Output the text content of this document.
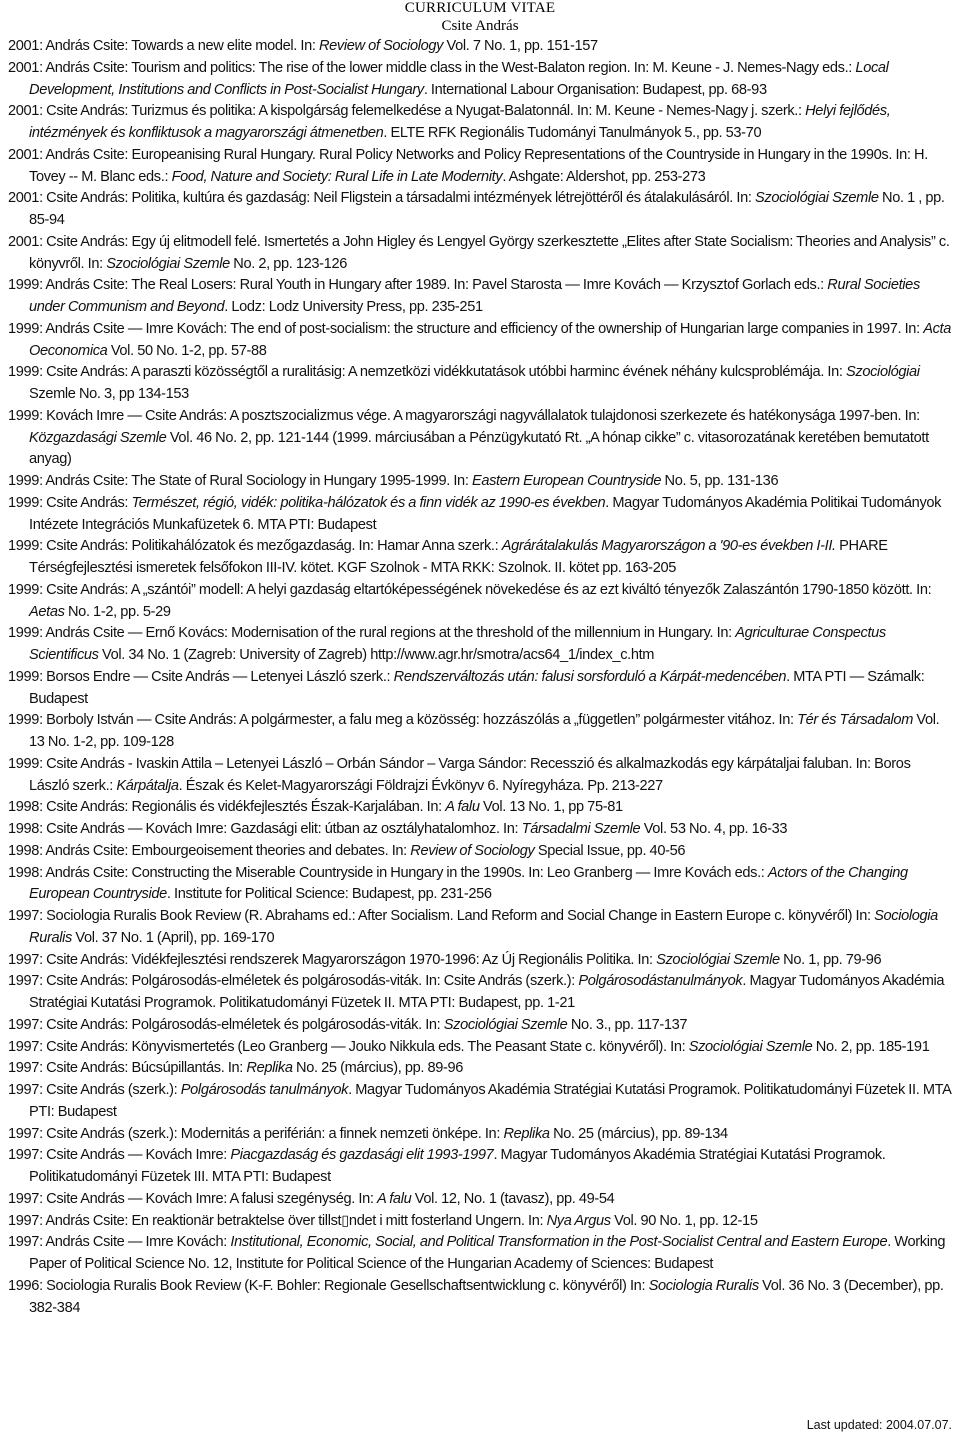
CURRICULUM VITAE
Csite András

2001: András Csite: Towards a new elite model. In: Review of Sociology Vol. 7 No. 1, pp. 151-157

2001: András Csite: Tourism and politics: The rise of the lower middle class in the West-Balaton region. In: M. Keune - J. Nemes-Nagy eds.: Local Development, Institutions and Conflicts in Post-Socialist Hungary. International Labour Organisation: Budapest, pp. 68-93

2001: Csite András: Turizmus és politika: A kispolgárság felemelkedése a Nyugat-Balatonnál. In: M. Keune - Nemes-Nagy j. szerk.: Helyi fejlődés, intézmények és konfliktusok a magyarországi átmenetben. ELTE RFK Regionális Tudományi Tanulmányok 5., pp. 53-70

2001: András Csite: Europeanising Rural Hungary. Rural Policy Networks and Policy Representations of the Countryside in Hungary in the 1990s. In: H. Tovey -- M. Blanc eds.: Food, Nature and Society: Rural Life in Late Modernity. Ashgate: Aldershot, pp. 253-273

2001: Csite András: Politika, kultúra és gazdaság: Neil Fligstein a társadalmi intézmények létrejöttéről és átalakulásáról. In: Szociológiai Szemle No. 1 , pp. 85-94

2001: Csite András: Egy új elitmodell felé. Ismertetés a John Higley és Lengyel György szerkesztette „Elites after State Socialism: Theories and Analysis” c. könyvről. In: Szociológiai Szemle No. 2, pp. 123-126

1999: András Csite: The Real Losers: Rural Youth in Hungary after 1989. In: Pavel Starosta — Imre Kovách — Krzysztof Gorlach eds.: Rural Societies under Communism and Beyond. Lodz: Lodz University Press, pp. 235-251

1999: András Csite — Imre Kovách: The end of post-socialism: the structure and efficiency of the ownership of Hungarian large companies in 1997. In: Acta Oeconomica Vol. 50 No. 1-2, pp. 57-88

1999: Csite András: A paraszti közösségtől a ruralitásig: A nemzetközi vidékkutatások utóbbi harminc évének néhány kulcsproblémája. In: Szociológiai Szemle No. 3, pp 134-153

1999: Kovách Imre — Csite András: A posztszocializmus vége. A magyarországi nagyvállalatok tulajdonosi szerkezete és hatékonysága 1997-ben. In: Közgazdasági Szemle Vol. 46 No. 2, pp. 121-144 (1999. márciusában a Pénzügykutató Rt. „A hónap cikke” c. vitasorozatának keretében bemutatott anyag)

1999: András Csite: The State of Rural Sociology in Hungary 1995-1999. In: Eastern European Countryside No. 5, pp. 131-136

1999: Csite András: Természet, régió, vidék: politika-hálózatok és a finn vidék az 1990-es években. Magyar Tudományos Akadémia Politikai Tudományok Intézete Integrációs Munkafüzetek 6. MTA PTI: Budapest

1999: Csite András: Politikahálózatok és mezőgazdaság. In: Hamar Anna szerk.: Agrárátalakulás Magyarországon a '90-es években I-II. PHARE Térségfejlesztési ismeretek felsőfokon III-IV. kötet. KGF Szolnok - MTA RKK: Szolnok. II. kötet pp. 163-205

1999: Csite András: A „szántói” modell: A helyi gazdaság eltartóképességének növekedése és az ezt kiváltó tényezők Zalaszántón 1790-1850 között. In: Aetas No. 1-2, pp. 5-29

1999: András Csite — Ernő Kovács: Modernisation of the rural regions at the threshold of the millennium in Hungary. In: Agriculturae Conspectus Scientificus Vol. 34 No. 1 (Zagreb: University of Zagreb) http://www.agr.hr/smotra/acs64_1/index_c.htm

1999: Borsos Endre — Csite András — Letenyei László szerk.: Rendszerváltozás után: falusi sorsforduló a Kárpát-medencében. MTA PTI — Számalk: Budapest

1999: Borboly István — Csite András: A polgármester, a falu meg a közösség: hozzászólás a „független” polgármester vitához. In: Tér és Társadalom Vol. 13 No. 1-2, pp. 109-128

1999: Csite András - Ivaskin Attila – Letenyei László – Orbán Sándor – Varga Sándor: Recesszió és alkalmazkodás egy kárpátaljai faluban. In: Boros László szerk.: Kárpátalja. Észak és Kelet-Magyarországi Földrajzi Évkönyv 6. Nyíregyháza. Pp. 213-227

1998: Csite András: Regionális és vidékfejlesztés Észak-Karjalában. In: A falu Vol. 13 No. 1, pp 75-81

1998: Csite András — Kovách Imre: Gazdasági elit: útban az osztályhatalomhoz. In: Társadalmi Szemle Vol. 53 No. 4, pp. 16-33

1998: András Csite: Embourgeoisement theories and debates. In: Review of Sociology Special Issue, pp. 40-56

1998: András Csite: Constructing the Miserable Countryside in Hungary in the 1990s. In: Leo Granberg — Imre Kovách eds.: Actors of the Changing European Countryside. Institute for Political Science: Budapest, pp. 231-256

1997: Sociologia Ruralis Book Review (R. Abrahams ed.: After Socialism. Land Reform and Social Change in Eastern Europe c. könyvéről) In: Sociologia Ruralis Vol. 37 No. 1 (April), pp. 169-170

1997: Csite András: Vidékfejlesztési rendszerek Magyarországon 1970-1996: Az Új Regionális Politika. In: Szociológiai Szemle No. 1, pp. 79-96

1997: Csite András: Polgárosodás-elméletek és polgárosodás-viták. In: Csite András (szerk.): Polgárosodástanulmányok. Magyar Tudományos Akadémia Stratégiai Kutatási Programok. Politikatudományi Füzetek II. MTA PTI: Budapest, pp. 1-21

1997: Csite András: Polgárosodás-elméletek és polgárosodás-viták. In: Szociológiai Szemle No. 3., pp. 117-137

1997: Csite András: Könyvismertetés (Leo Granberg — Jouko Nikkula eds. The Peasant State c. könyvéről). In: Szociológiai Szemle No. 2, pp. 185-191

1997: Csite András: Búcsúpillantás. In: Replika No. 25 (március), pp. 89-96

1997: Csite András (szerk.): Polgárosodás tanulmányok. Magyar Tudományos Akadémia Stratégiai Kutatási Programok. Politikatudományi Füzetek II. MTA PTI: Budapest

1997: Csite András (szerk.): Modernitás a periférián: a finnek nemzeti önképe. In: Replika No. 25 (március), pp. 89-134

1997: Csite András — Kovách Imre: Piacgazdaság és gazdasági elit 1993-1997. Magyar Tudományos Akadémia Stratégiai Kutatási Programok. Politikatudományi Füzetek III. MTA PTI: Budapest

1997: Csite András — Kovách Imre: A falusi szegénység. In: A falu Vol. 12, No. 1 (tavasz), pp. 49-54

1997: András Csite: En reaktionär betraktelse över tillst▯ndet i mitt fosterland Ungern. In: Nya Argus Vol. 90 No. 1, pp. 12-15

1997: András Csite — Imre Kovách: Institutional, Economic, Social, and Political Transformation in the Post-Socialist Central and Eastern Europe. Working Paper of Political Science No. 12, Institute for Political Science of the Hungarian Academy of Sciences: Budapest

1996: Sociologia Ruralis Book Review (K-F. Bohler: Regionale Gesellschaftsentwicklung c. könyvéről) In: Sociologia Ruralis Vol. 36 No. 3 (December), pp. 382-384

Last updated: 2004.07.07.
